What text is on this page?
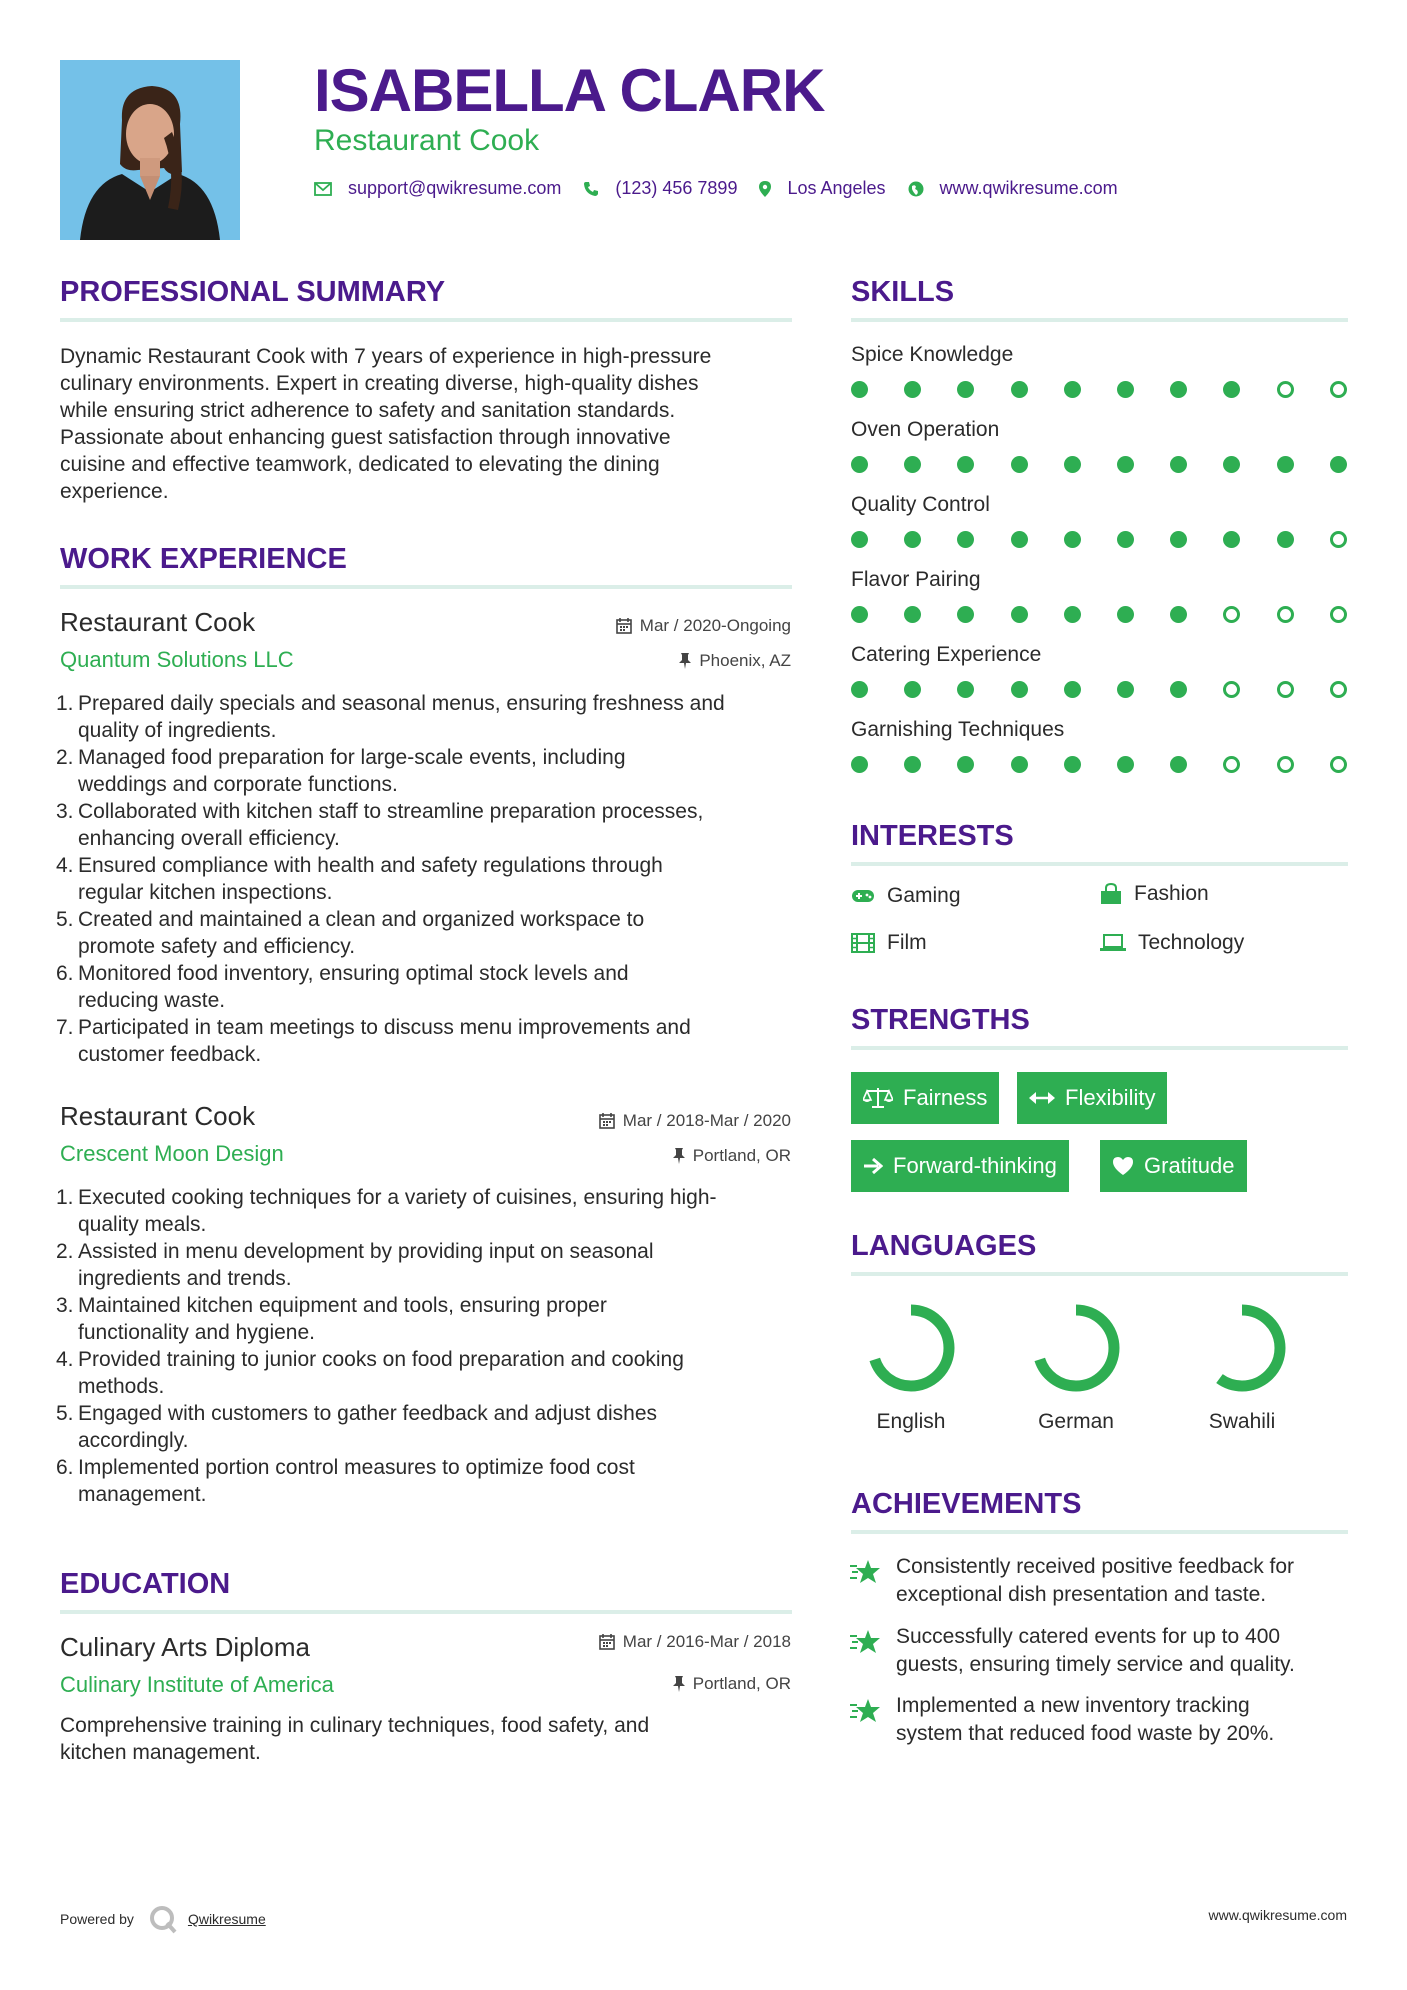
ISABELLA CLARK
Restaurant Cook
support@qwikresume.com	(123) 456 7899	Los Angeles	www.qwikresume.com
PROFESSIONAL SUMMARY
Dynamic Restaurant Cook with 7 years of experience in high-pressure
culinary environments. Expert in creating diverse, high-quality dishes
while ensuring strict adherence to safety and sanitation standards.
Passionate about enhancing guest satisfaction through innovative
cuisine and effective teamwork, dedicated to elevating the dining
experience.
WORK EXPERIENCE
Restaurant Cook
Quantum Solutions LLC
Mar / 2020-Ongoing
Phoenix, AZ
1. Prepared daily specials and seasonal menus, ensuring freshness and
quality of ingredients.
2. Managed food preparation for large-scale events, including
weddings and corporate functions.
3. Collaborated with kitchen staff to streamline preparation processes,
enhancing overall efficiency.
4. Ensured compliance with health and safety regulations through
regular kitchen inspections.
5. Created and maintained a clean and organized workspace to
promote safety and efficiency.
6. Monitored food inventory, ensuring optimal stock levels and
reducing waste.
7. Participated in team meetings to discuss menu improvements and
customer feedback.
Restaurant Cook
Crescent Moon Design
Mar / 2018-Mar / 2020
Portland, OR
1. Executed cooking techniques for a variety of cuisines, ensuring high-
quality meals.
2. Assisted in menu development by providing input on seasonal
ingredients and trends.
3. Maintained kitchen equipment and tools, ensuring proper
functionality and hygiene.
4. Provided training to junior cooks on food preparation and cooking
methods.
5. Engaged with customers to gather feedback and adjust dishes
accordingly.
6. Implemented portion control measures to optimize food cost
management.
EDUCATION
Culinary Arts Diploma
Culinary Institute of America
Mar / 2016-Mar / 2018
Portland, OR
Comprehensive training in culinary techniques, food safety, and
kitchen management.
SKILLS
Spice Knowledge
Oven Operation
Quality Control
Flavor Pairing
Catering Experience
Garnishing Techniques
INTERESTS
Gaming	Fashion
Film	Technology
STRENGTHS
Fairness	Flexibility
Forward-thinking	Gratitude
LANGUAGES
English	German	Swahili
ACHIEVEMENTS
Consistently received positive feedback for
exceptional dish presentation and taste.
Successfully catered events for up to 400
guests, ensuring timely service and quality.
Implemented a new inventory tracking
system that reduced food waste by 20%.
Powered by	Qwikresume	www.qwikresume.com
